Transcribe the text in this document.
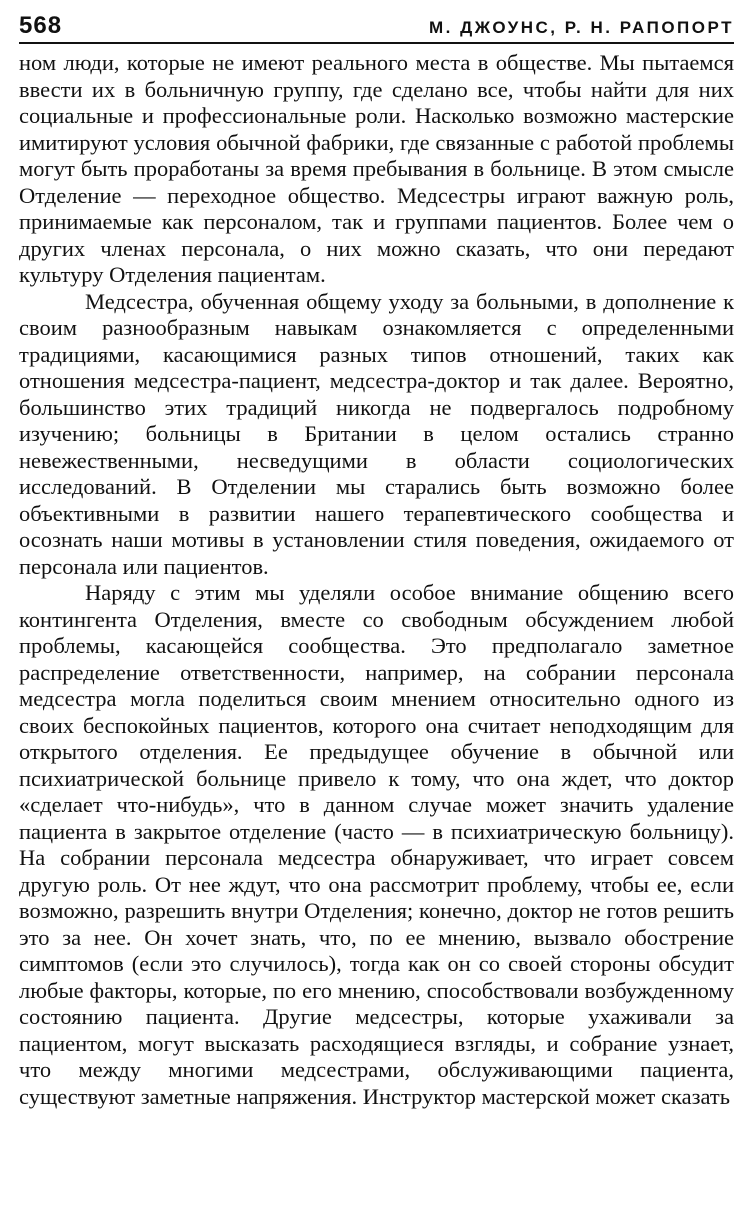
568	М. ДЖОУНС, Р. Н. РАПОПОРТ

ном люди, которые не имеют реального места в обществе. Мы пытаемся ввести их в больничную группу, где сделано все, чтобы найти для них социальные и профессиональные роли. Насколько возможно мастерские имитируют условия обычной фабрики, где связанные с работой проблемы могут быть проработаны за время пребывания в больнице. В этом смысле Отделение — переходное общество. Медсестры играют важную роль, принимаемые как персоналом, так и группами пациентов. Более чем о других членах персонала, о них можно сказать, что они передают культуру Отделения пациентам.

Медсестра, обученная общему уходу за больными, в дополнение к своим разнообразным навыкам ознакомляется с определенными традициями, касающимися разных типов отношений, таких как отношения медсестра-пациент, медсестра-доктор и так далее. Вероятно, большинство этих традиций никогда не подвергалось подробному изучению; больницы в Британии в целом остались странно невежественными, несведущими в области социологических исследований. В Отделении мы старались быть возможно более объективными в развитии нашего терапевтического сообщества и осознать наши мотивы в установлении стиля поведения, ожидаемого от персонала или пациентов.

Наряду с этим мы уделяли особое внимание общению всего контингента Отделения, вместе со свободным обсуждением любой проблемы, касающейся сообщества. Это предполагало заметное распределение ответственности, например, на собрании персонала медсестра могла поделиться своим мнением относительно одного из своих беспокойных пациентов, которого она считает неподходящим для открытого отделения. Ее предыдущее обучение в обычной или психиатрической больнице привело к тому, что она ждет, что доктор «сделает что-нибудь», что в данном случае может значить удаление пациента в закрытое отделение (часто — в психиатрическую больницу). На собрании персонала медсестра обнаруживает, что играет совсем другую роль. От нее ждут, что она рассмотрит проблему, чтобы ее, если возможно, разрешить внутри Отделения; конечно, доктор не готов решить это за нее. Он хочет знать, что, по ее мнению, вызвало обострение симптомов (если это случилось), тогда как он со своей стороны обсудит любые факторы, которые, по его мнению, способствовали возбужденному состоянию пациента. Другие медсестры, которые ухаживали за пациентом, могут высказать расходящиеся взгляды, и собрание узнает, что между многими медсестрами, обслуживающими пациента, существуют заметные напряжения. Инструктор мастерской может сказать
